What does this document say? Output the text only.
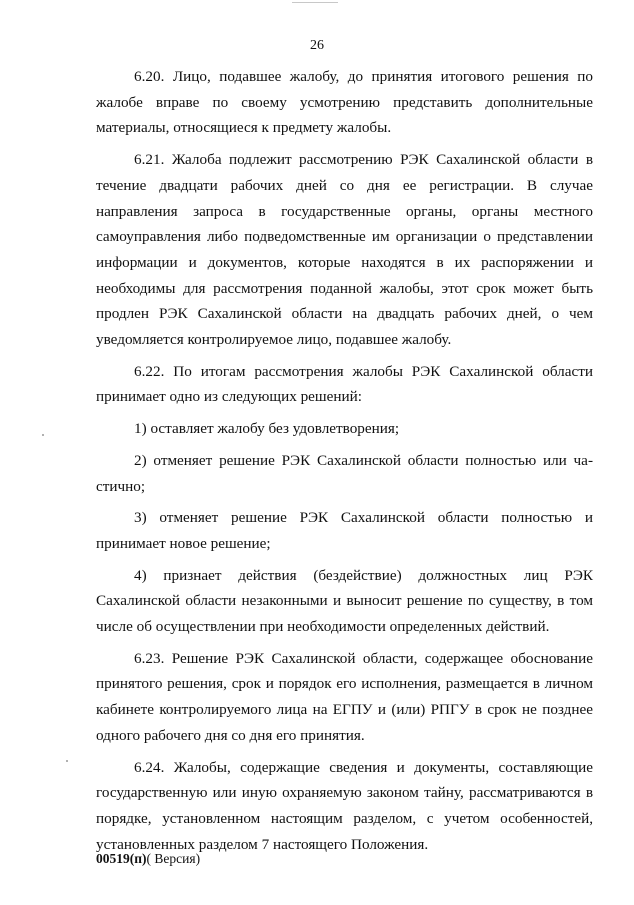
26

6.20. Лицо, подавшее жалобу, до принятия итогового решения по жалобе вправе по своему усмотрению представить дополнительные материалы, относящиеся к предмету жалобы.

6.21. Жалоба подлежит рассмотрению РЭК Сахалинской области в течение двадцати рабочих дней со дня ее регистрации. В случае направления запроса в государственные органы, органы местного самоуправления либо подведомственные им организации о представлении информации и документов, которые находятся в их распоряжении и необходимы для рассмотрения поданной жалобы, этот срок может быть продлен РЭК Сахалинской области на двадцать рабочих дней, о чем уведомляется контролируемое лицо, подавшее жалобу.

6.22. По итогам рассмотрения жалобы РЭК Сахалинской области принимает одно из следующих решений:

1) оставляет жалобу без удовлетворения;

2) отменяет решение РЭК Сахалинской области полностью или частично;

3) отменяет решение РЭК Сахалинской области полностью и принимает новое решение;

4) признает действия (бездействие) должностных лиц РЭК Сахалинской области незаконными и выносит решение по существу, в том числе об осуществлении при необходимости определенных действий.

6.23. Решение РЭК Сахалинской области, содержащее обоснование принятого решения, срок и порядок его исполнения, размещается в личном кабинете контролируемого лица на ЕГПУ и (или) РПГУ в срок не позднее одного рабочего дня со дня его принятия.

6.24. Жалобы, содержащие сведения и документы, составляющие государственную или иную охраняемую законом тайну, рассматриваются в порядке, установленном настоящим разделом, с учетом особенностей, установленных разделом 7 настоящего Положения.

00519(п)( Версия)
